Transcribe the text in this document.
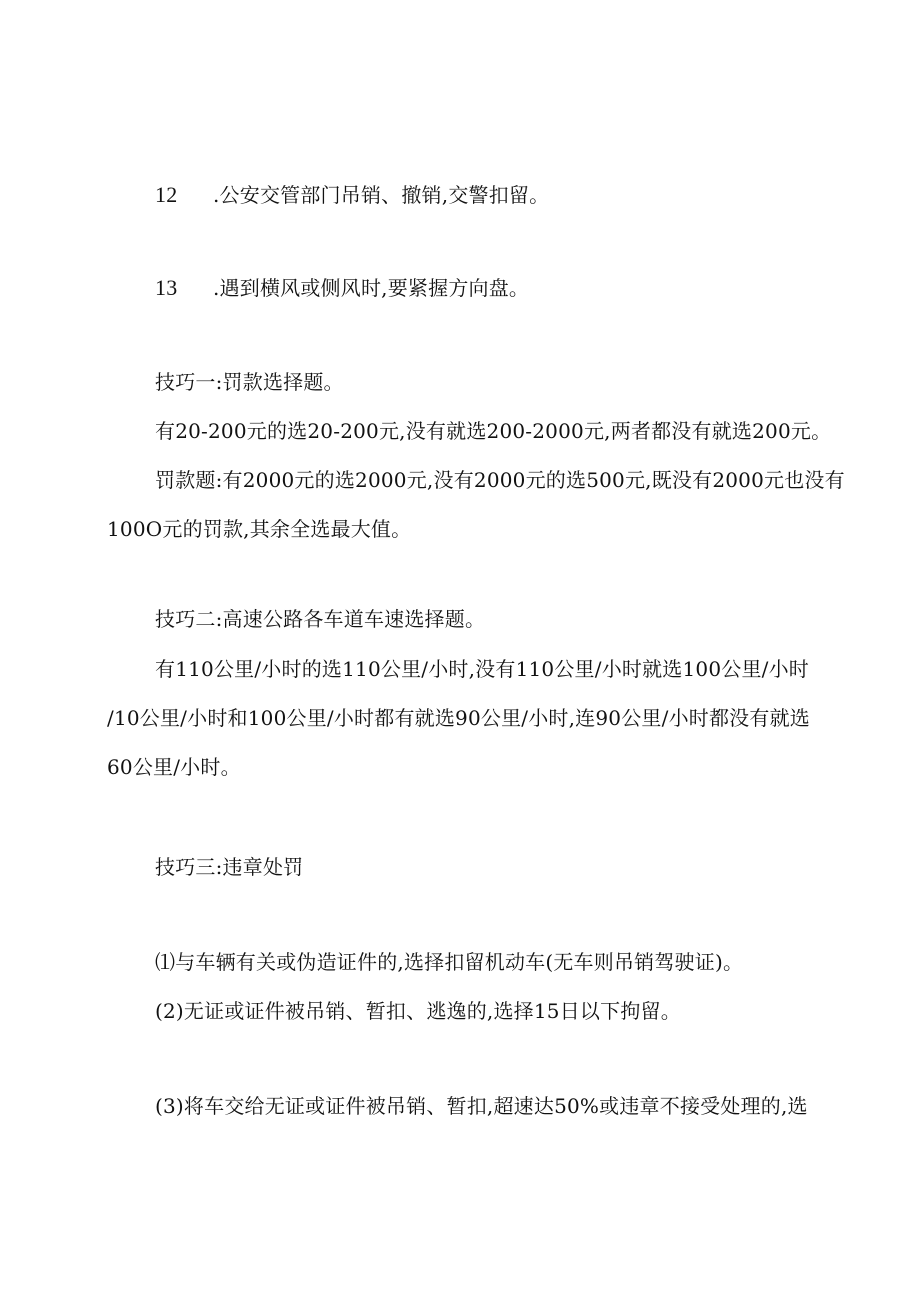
12 .公安交管部门吊销、撤销,交警扣留。
13 .遇到横风或侧风时,要紧握方向盘。
技巧一:罚款选择题。
有20-200元的选20-200元,没有就选200-2000元,两者都没有就选200元。
罚款题:有2000元的选2000元,没有2000元的选500元,既没有2000元也没有
100O元的罚款,其余全选最大值。
技巧二:高速公路各车道车速选择题。
有110公里/小时的选110公里/小时,没有110公里/小时就选100公里/小时
/10公里/小时和100公里/小时都有就选90公里/小时,连90公里/小时都没有就选
60公里/小时。
技巧三:违章处罚
⑴与车辆有关或伪造证件的,选择扣留机动车(无车则吊销驾驶证)。
(2)无证或证件被吊销、暂扣、逃逸的,选择15日以下拘留。
(3)将车交给无证或证件被吊销、暂扣,超速达50%或违章不接受处理的,选
